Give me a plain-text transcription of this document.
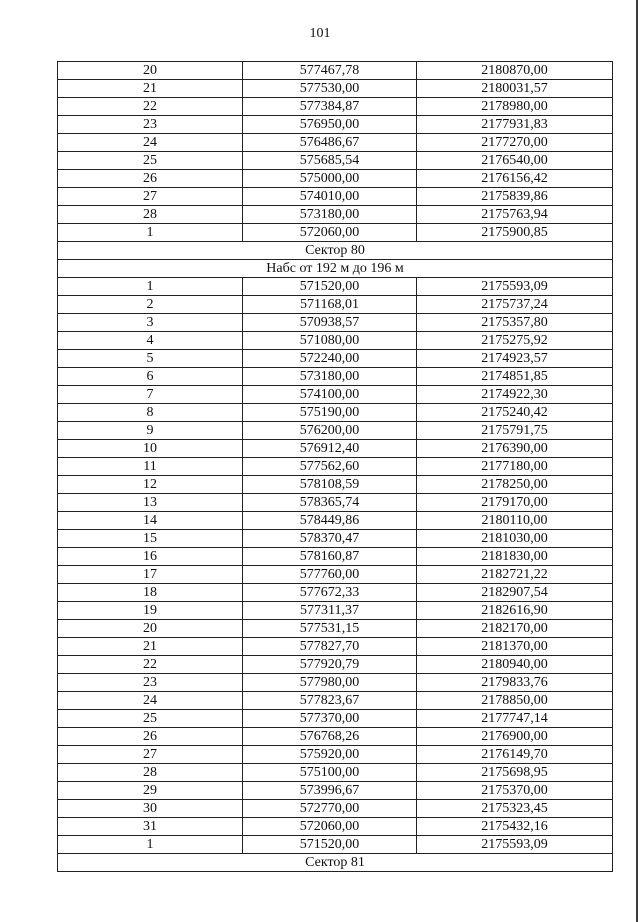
101
20	577467,78	2180870,00
21	577530,00	2180031,57
22	577384,87	2178980,00
23	576950,00	2177931,83
24	576486,67	2177270,00
25	575685,54	2176540,00
26	575000,00	2176156,42
27	574010,00	2175839,86
28	573180,00	2175763,94
1	572060,00	2175900,85
Сектор 80		
Набс от 192 м до 196 м		
1	571520,00	2175593,09
2	571168,01	2175737,24
3	570938,57	2175357,80
4	571080,00	2175275,92
5	572240,00	2174923,57
6	573180,00	2174851,85
7	574100,00	2174922,30
8	575190,00	2175240,42
9	576200,00	2175791,75
10	576912,40	2176390,00
11	577562,60	2177180,00
12	578108,59	2178250,00
13	578365,74	2179170,00
14	578449,86	2180110,00
15	578370,47	2181030,00
16	578160,87	2181830,00
17	577760,00	2182721,22
18	577672,33	2182907,54
19	577311,37	2182616,90
20	577531,15	2182170,00
21	577827,70	2181370,00
22	577920,79	2180940,00
23	577980,00	2179833,76
24	577823,67	2178850,00
25	577370,00	2177747,14
26	576768,26	2176900,00
27	575920,00	2176149,70
28	575100,00	2175698,95
29	573996,67	2175370,00
30	572770,00	2175323,45
31	572060,00	2175432,16
1	571520,00	2175593,09
Сектор 81		
